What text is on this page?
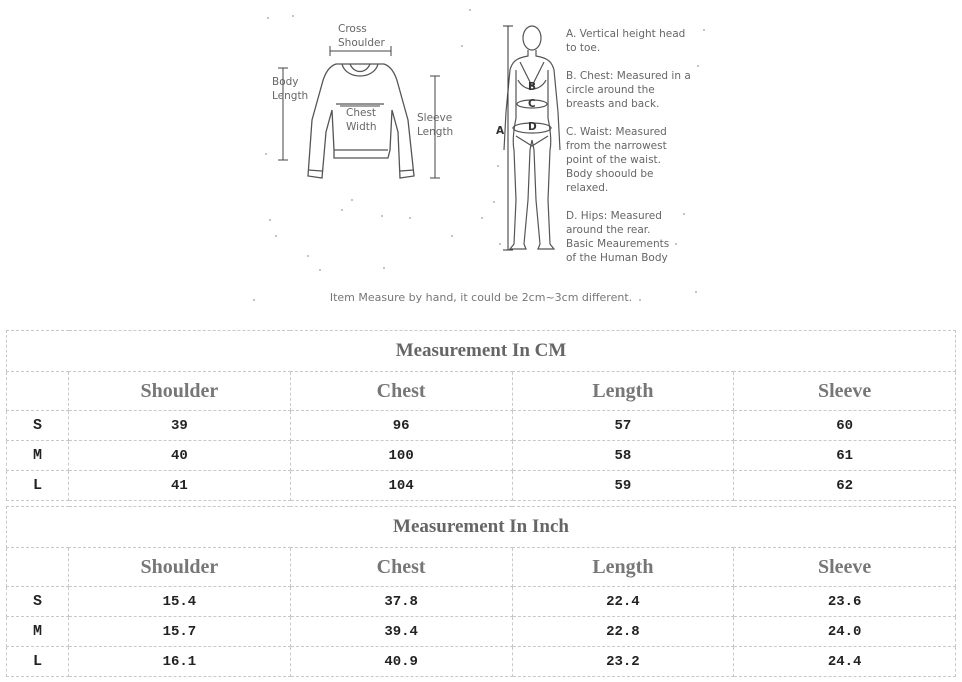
Cross
Shoulder
Body
Length
Chest
Width
Sleeve
Length	A
B
C
D
A. Vertical height head
to toe.
B. Chest: Measured in a
circle around the
breasts and back.
C. Waist: Measured
from the narrowest
point of the waist.
Body shoould be
relaxed.
D. Hips: Measured
around the rear.
Basic Meaurements
of the Human Body
Item Measure by hand, it could be 2cm~3cm different.
Measurement In CM				
	Shoulder	Chest	Length	Sleeve
S	39	96	57	60
M	40	100	58	61
L	41	104	59	62
Measurement In Inch				
	Shoulder	Chest	Length	Sleeve
S	15.4	37.8	22.4	23.6
M	15.7	39.4	22.8	24.0
L	16.1	40.9	23.2	24.4
